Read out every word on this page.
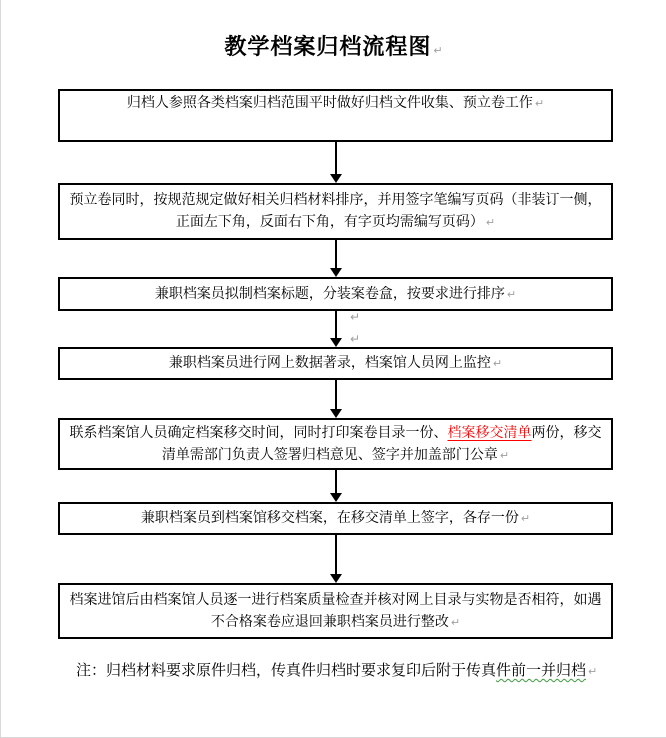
教学档案归档流程图 ↵
归档人参照各类档案归档范围平时做好归档文件收集、预立卷工作 ↵
预立卷同时，按规范规定做好相关归档材料排序，并用签字笔编写页码（非装订一侧，正面左下角，反面右下角，有字页均需编写页码） ↵
兼职档案员拟制档案标题，分装案卷盒，按要求进行排序 ↵
↵
↵
兼职档案员进行网上数据著录，档案馆人员网上监控 ↵
联系档案馆人员确定档案移交时间，同时打印案卷目录一份、档案移交清单两份，移交清单需部门负责人签署归档意见、签字并加盖部门公章 ↵
兼职档案员到档案馆移交档案，在移交清单上签字，各存一份 ↵
档案进馆后由档案馆人员逐一进行档案质量检查并核对网上目录与实物是否相符，如遇不合格案卷应退回兼职档案员进行整改 ↵

注：归档材料要求原件归档，传真件归档时要求复印后附于传真件前一并归档 ↵
